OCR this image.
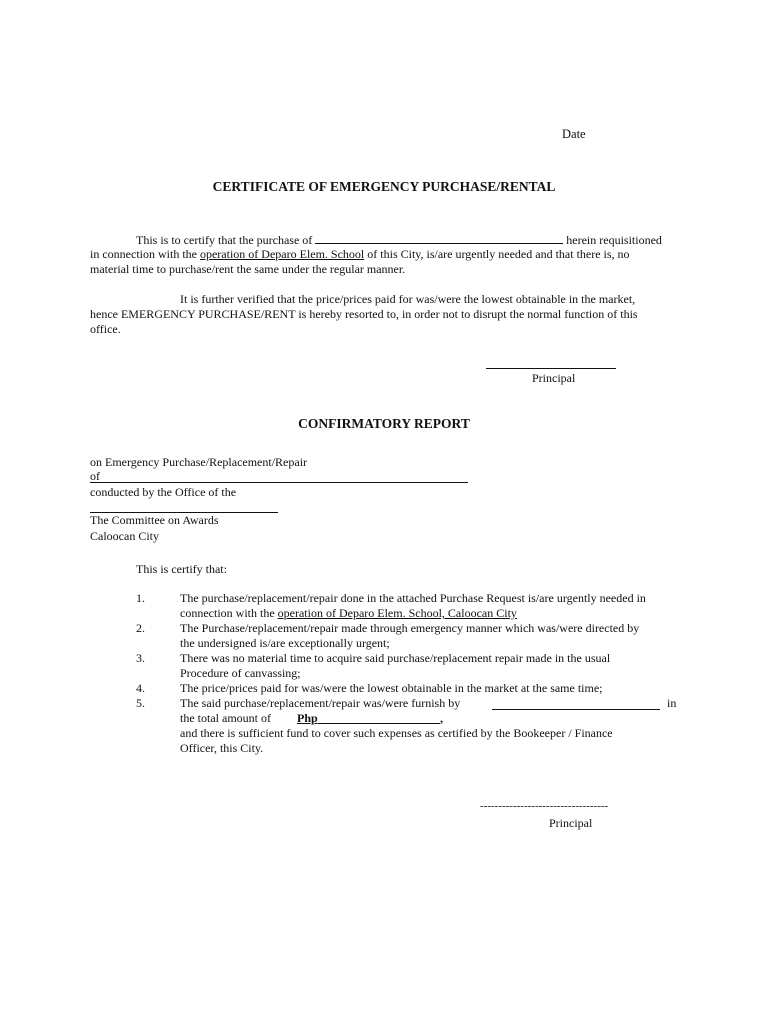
Date
CERTIFICATE OF EMERGENCY PURCHASE/RENTAL
This is to certify that the purchase of	herein requisitioned
in connection with the operation of Deparo Elem. School of this City, is/are urgently needed and that there is, no
material time to purchase/rent the same under the regular manner.
It is further verified that the price/prices paid for was/were the lowest obtainable in the market,
hence EMERGENCY PURCHASE/RENT is hereby resorted to, in order not to disrupt the normal function of this
office.
Principal
CONFIRMATORY REPORT
on Emergency Purchase/Replacement/Repair
of
conducted by the Office of the
The Committee on Awards
Caloocan City
This is certify that:
1.	The purchase/replacement/repair done in the attached Purchase Request is/are urgently needed in
connection with the operation of Deparo Elem. School, Caloocan City
2.	The Purchase/replacement/repair made through emergency manner which was/were directed by
the undersigned is/are exceptionally urgent;
3.	There was no material time to acquire said purchase/replacement repair made in the usual
Procedure of canvassing;
4.	The price/prices paid for was/were the lowest obtainable in the market at the same time;
5.	The said purchase/replacement/repair was/were furnish by	in
the total amount of Php	,
and there is sufficient fund to cover such expenses as certified by the Bookeeper / Finance
Officer, this City.
-----------------------------------
Principal
